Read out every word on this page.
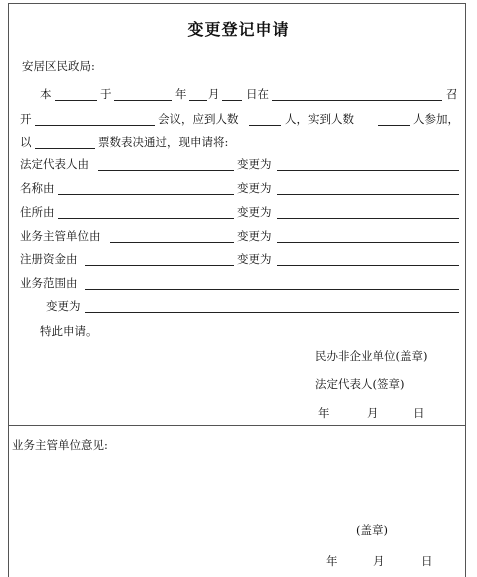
变更登记申请
安居区民政局:
本	于	年 月 日在	召
开	会议，应到人数	人，实到人数	人参加，
以	票数表决通过，现申请将:
法定代表人由	变更为
名称由	变更为
住所由	变更为
业务主管单位由	变更为
注册资金由	变更为
业务范围由
变更为
特此申请。
民办非企业单位(盖章)
法定代表人(签章)
年	月	日
业务主管单位意见:
(盖章)
年	月	日
